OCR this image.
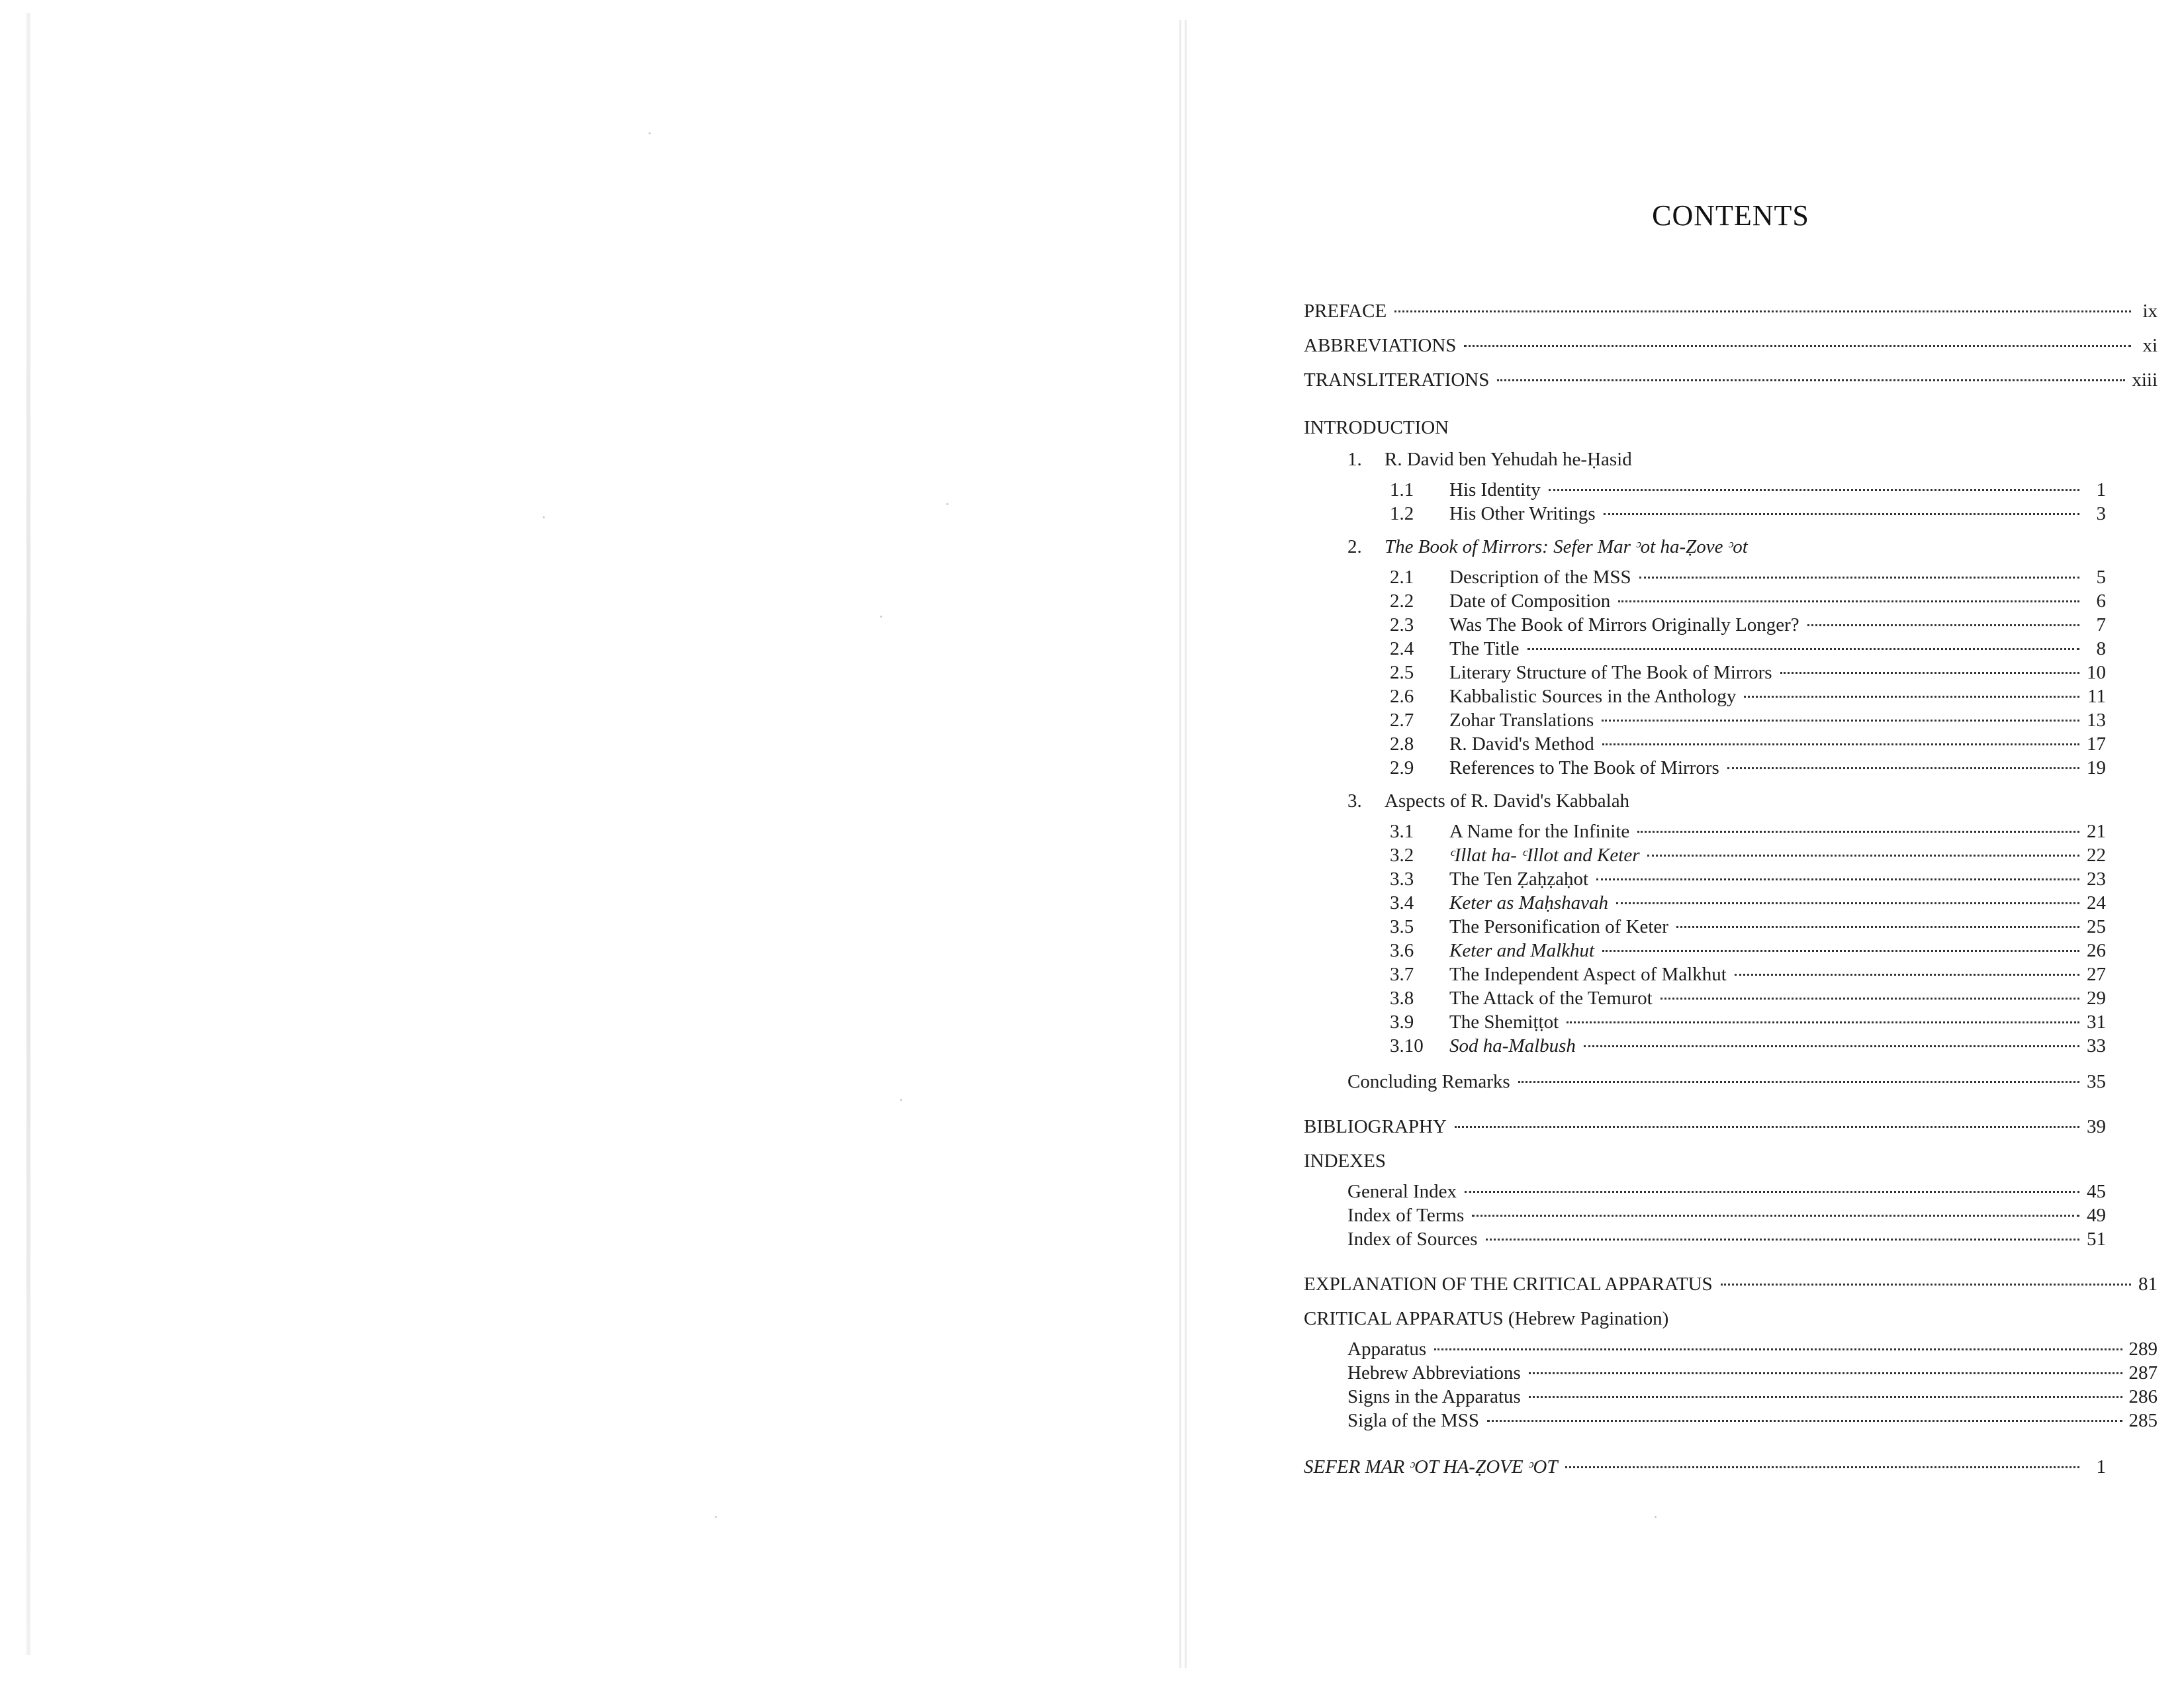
CONTENTS
PREFACE	ix
ABBREVIATIONS	xi
TRANSLITERATIONS	xiii
INTRODUCTION
1. R. David ben Yehudah he-Ḥasid
1.1	His Identity	1
1.2	His Other Writings	3
2. The Book of Mirrors: Sefer Mar ᵓot ha-Ẓove ᵓot
2.1	Description of the MSS	5
2.2	Date of Composition	6
2.3	Was The Book of Mirrors Originally Longer?	7
2.4	The Title	8
2.5	Literary Structure of The Book of Mirrors	10
2.6	Kabbalistic Sources in the Anthology	11
2.7	Zohar Translations	13
2.8	R. David's Method	17
2.9	References to The Book of Mirrors	19
3. Aspects of R. David's Kabbalah
3.1	A Name for the Infinite	21
3.2	ᶜIllat ha- ᶜIllot and Keter	22
3.3	The Ten Ẓaḥẓaḥot	23
3.4	Keter as Maḥshavah	24
3.5	The Personification of Keter	25
3.6	Keter and Malkhut	26
3.7	The Independent Aspect of Malkhut	27
3.8	The Attack of the Temurot	29
3.9	The Shemiṭṭot	31
3.10	Sod ha-Malbush	33
Concluding Remarks	35
BIBLIOGRAPHY	39
INDEXES
General Index	45
Index of Terms	49
Index of Sources	51
EXPLANATION OF THE CRITICAL APPARATUS	81
CRITICAL APPARATUS (Hebrew Pagination)
Apparatus	289
Hebrew Abbreviations	287
Signs in the Apparatus	286
Sigla of the MSS	285
SEFER MAR ᵓOT HA-ẒOVE ᵓOT	1
